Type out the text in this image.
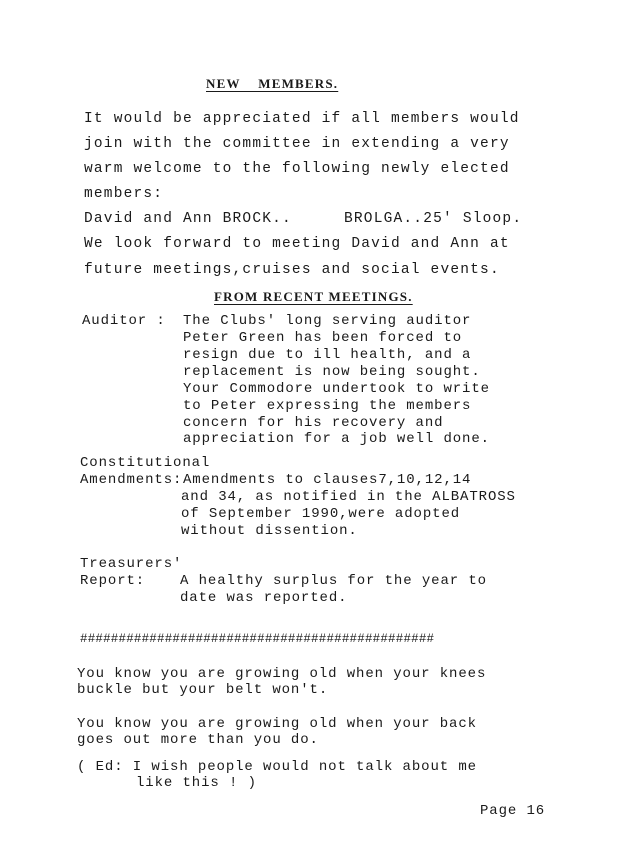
NEW    MEMBERS.
It would be appreciated if all members would
join with the committee in extending a very
warm welcome to the following newly elected
members:
David and Ann BROCK..	BROLGA..25' Sloop.
We look forward to meeting David and Ann at
future meetings,cruises and social events.
FROM RECENT MEETINGS.
Auditor : The Clubs' long serving auditor
Peter Green has been forced to
resign due to ill health, and a
replacement is now being sought.
Your Commodore undertook to write
to Peter expressing the members
concern for his recovery and
appreciation for a job well done.
Constitutional
Amendments: Amendments to clauses7,10,12,14
and 34, as notified in the ALBATROSS
of September 1990,were adopted
without dissention.
Treasurers'
Report: A healthy surplus for the year to
date was reported.
##############################################
You know you are growing old when your knees
buckle but your belt won't.
You know you are growing old when your back
goes out more than you do.
( Ed: I wish people would not talk about me
like this ! )
Page 16
